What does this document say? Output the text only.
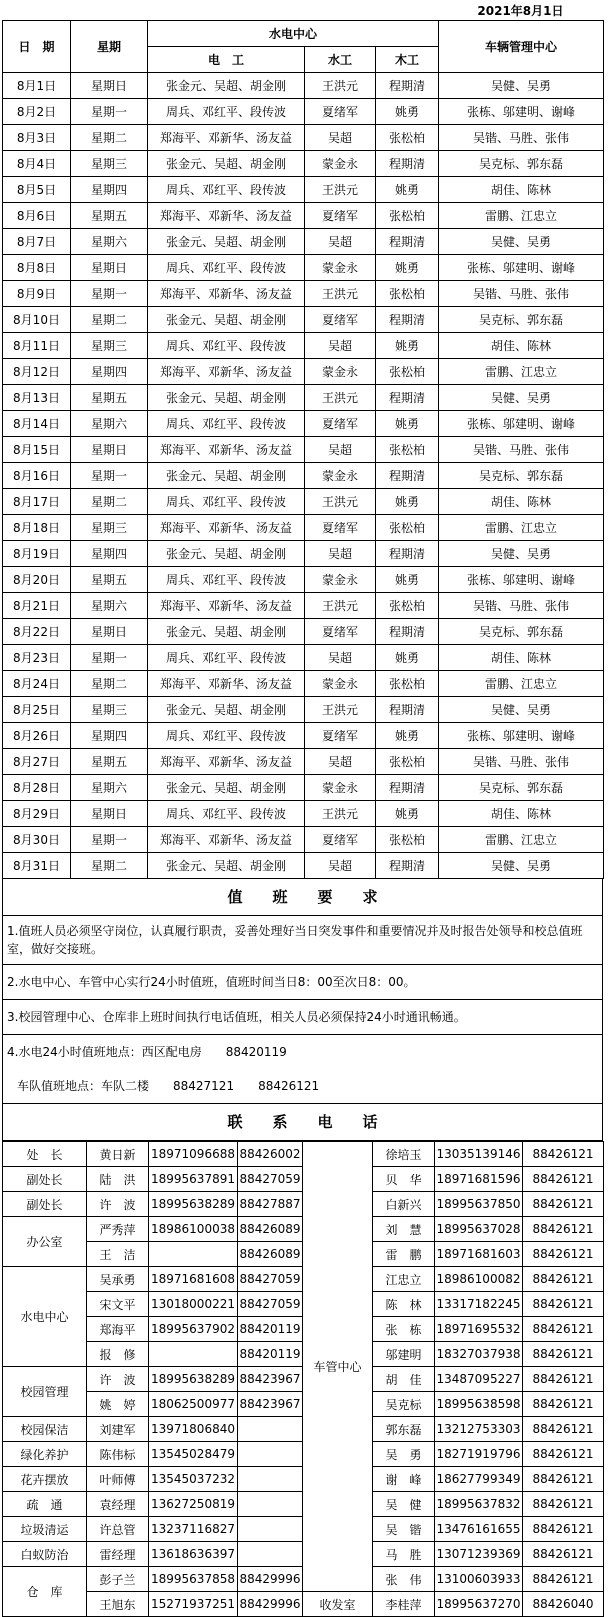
					2021年8月1日
日　期	星期	水电中心			车辆管理中心
		电　工	水工	木工	
8月1日	星期日	张金元、吴超、胡金刚	王洪元	程期清	吴健、吴勇
8月2日	星期一	周兵、邓红平、段传波	夏绪军	姚勇	张栋、邬建明、谢峰
8月3日	星期二	郑海平、邓新华、汤友益	吴超	张松柏	吴锴、马胜、张伟
8月4日	星期三	张金元、吴超、胡金刚	蒙金永	程期清	吴克标、郭东磊
8月5日	星期四	周兵、邓红平、段传波	王洪元	姚勇	胡佳、陈林
8月6日	星期五	郑海平、邓新华、汤友益	夏绪军	张松柏	雷鹏、江忠立
8月7日	星期六	张金元、吴超、胡金刚	吴超	程期清	吴健、吴勇
8月8日	星期日	周兵、邓红平、段传波	蒙金永	姚勇	张栋、邬建明、谢峰
8月9日	星期一	郑海平、邓新华、汤友益	王洪元	张松柏	吴锴、马胜、张伟
8月10日	星期二	张金元、吴超、胡金刚	夏绪军	程期清	吴克标、郭东磊
8月11日	星期三	周兵、邓红平、段传波	吴超	姚勇	胡佳、陈林
8月12日	星期四	郑海平、邓新华、汤友益	蒙金永	张松柏	雷鹏、江忠立
8月13日	星期五	张金元、吴超、胡金刚	王洪元	程期清	吴健、吴勇
8月14日	星期六	周兵、邓红平、段传波	夏绪军	姚勇	张栋、邬建明、谢峰
8月15日	星期日	郑海平、邓新华、汤友益	吴超	张松柏	吴锴、马胜、张伟
8月16日	星期一	张金元、吴超、胡金刚	蒙金永	程期清	吴克标、郭东磊
8月17日	星期二	周兵、邓红平、段传波	王洪元	姚勇	胡佳、陈林
8月18日	星期三	郑海平、邓新华、汤友益	夏绪军	张松柏	雷鹏、江忠立
8月19日	星期四	张金元、吴超、胡金刚	吴超	程期清	吴健、吴勇
8月20日	星期五	周兵、邓红平、段传波	蒙金永	姚勇	张栋、邬建明、谢峰
8月21日	星期六	郑海平、邓新华、汤友益	王洪元	张松柏	吴锴、马胜、张伟
8月22日	星期日	张金元、吴超、胡金刚	夏绪军	程期清	吴克标、郭东磊
8月23日	星期一	周兵、邓红平、段传波	吴超	姚勇	胡佳、陈林
8月24日	星期二	郑海平、邓新华、汤友益	蒙金永	张松柏	雷鹏、江忠立
8月25日	星期三	张金元、吴超、胡金刚	王洪元	程期清	吴健、吴勇
8月26日	星期四	周兵、邓红平、段传波	夏绪军	姚勇	张栋、邬建明、谢峰
8月27日	星期五	郑海平、邓新华、汤友益	吴超	张松柏	吴锴、马胜、张伟
8月28日	星期六	张金元、吴超、胡金刚	蒙金永	程期清	吴克标、郭东磊
8月29日	星期日	周兵、邓红平、段传波	王洪元	姚勇	胡佳、陈林
8月30日	星期一	郑海平、邓新华、汤友益	夏绪军	张松柏	雷鹏、江忠立
8月31日	星期二	张金元、吴超、胡金刚	吴超	程期清	吴健、吴勇
值　　班　　要　　求
1.值班人员必须坚守岗位，认真履行职责，妥善处理好当日突发事件和重要情况并及时报告处领导和校总值班室，做好交接班。
2.水电中心、车管中心实行24小时值班，值班时间当日8：00至次日8：00。
3.校园管理中心、仓库非上班时间执行电话值班，相关人员必须保持24小时通讯畅通。
4.水电24小时值班地点：西区配电房　　88420119
车队值班地点：车队二楼　　88427121　　88426121
联　　系　　电　　话
处　长	黄日新	18971096688	88426002	车管中心	徐培玉	13035139146	88426121
副处长	陆　洪	18995637891	88427059		贝　华	18971681596	88426121
副处长	许　波	18995638289	88427887		白新兴	18995637850	88426121
办公室	严秀萍	18986100038	88426089		刘　慧	18995637028	88426121
	王　洁		88426089		雷　鹏	18971681603	88426121
水电中心	吴承勇	18971681608	88427059		江忠立	18986100082	88426121
	宋文平	13018000221	88427059		陈　林	13317182245	88426121
	郑海平	18995637902	88420119		张　栋	18971695532	88426121
	报　修		88420119		邬建明	18327037938	88426121
校园管理	许　波	18995638289	88423967		胡　佳	13487095227	88426121
	姚　婷	18062500977	88423967		吴克标	18995638598	88426121
校园保洁	刘建军	13971806840			郭东磊	13212753303	88426121
绿化养护	陈伟标	13545028479			吴　勇	18271919796	88426121
花卉摆放	叶师傅	13545037232			谢　峰	18627799349	88426121
疏　通	袁经理	13627250819			吴　健	18995637832	88426121
垃圾清运	许总管	13237116827			吴　锴	13476161655	88426121
白蚁防治	雷经理	13618636397			马　胜	13071239369	88426121
仓　库	彭子兰	18995637858	88429996		张　伟	13100603933	88426121
	王旭东	15271937251	88429996	收发室	李桂萍	18995637270	88426040
